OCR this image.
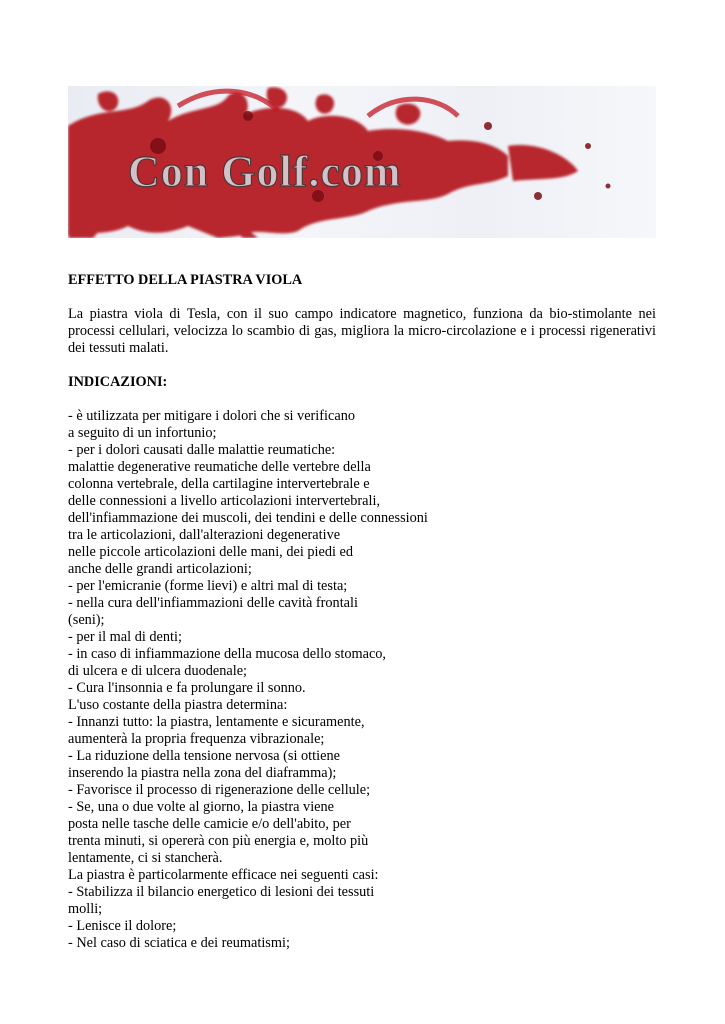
Con Golf.com

EFFETTO DELLA PIASTRA VIOLA

La piastra viola di Tesla, con il suo campo indicatore magnetico, funziona da bio-stimolante nei processi cellulari, velocizza lo scambio di gas, migliora la micro-circolazione e i processi rigenerativi dei tessuti malati.

INDICAZIONI:

- è utilizzata per mitigare i dolori che si verificano

a seguito di un infortunio;

- per i dolori causati dalle malattie reumatiche:

malattie degenerative reumatiche delle vertebre della

colonna vertebrale, della cartilagine intervertebrale e

delle connessioni a livello articolazioni intervertebrali,

dell'infiammazione dei muscoli, dei tendini e delle connessioni

tra le articolazioni, dall'alterazioni degenerative

nelle piccole articolazioni delle mani, dei piedi ed

anche delle grandi articolazioni;

- per l'emicranie (forme lievi) e altri mal di testa;

- nella cura dell'infiammazioni delle cavità frontali

(seni);

- per il mal di denti;

- in caso di infiammazione della mucosa dello stomaco,

di ulcera e di ulcera duodenale;

- Cura l'insonnia e fa prolungare il sonno.

L'uso costante della piastra determina:

- Innanzi tutto: la piastra, lentamente e sicuramente,

aumenterà la propria frequenza vibrazionale;

- La riduzione della tensione nervosa (si ottiene

inserendo la piastra nella zona del diaframma);

- Favorisce il processo di rigenerazione delle cellule;

- Se, una o due volte al giorno, la piastra viene

posta nelle tasche delle camicie e/o dell'abito, per

trenta minuti, si opererà con più energia e, molto più

lentamente, ci si stancherà.

La piastra è particolarmente efficace nei seguenti casi:

- Stabilizza il bilancio energetico di lesioni dei tessuti

molli;

- Lenisce il dolore;

- Nel caso di sciatica e dei reumatismi;
